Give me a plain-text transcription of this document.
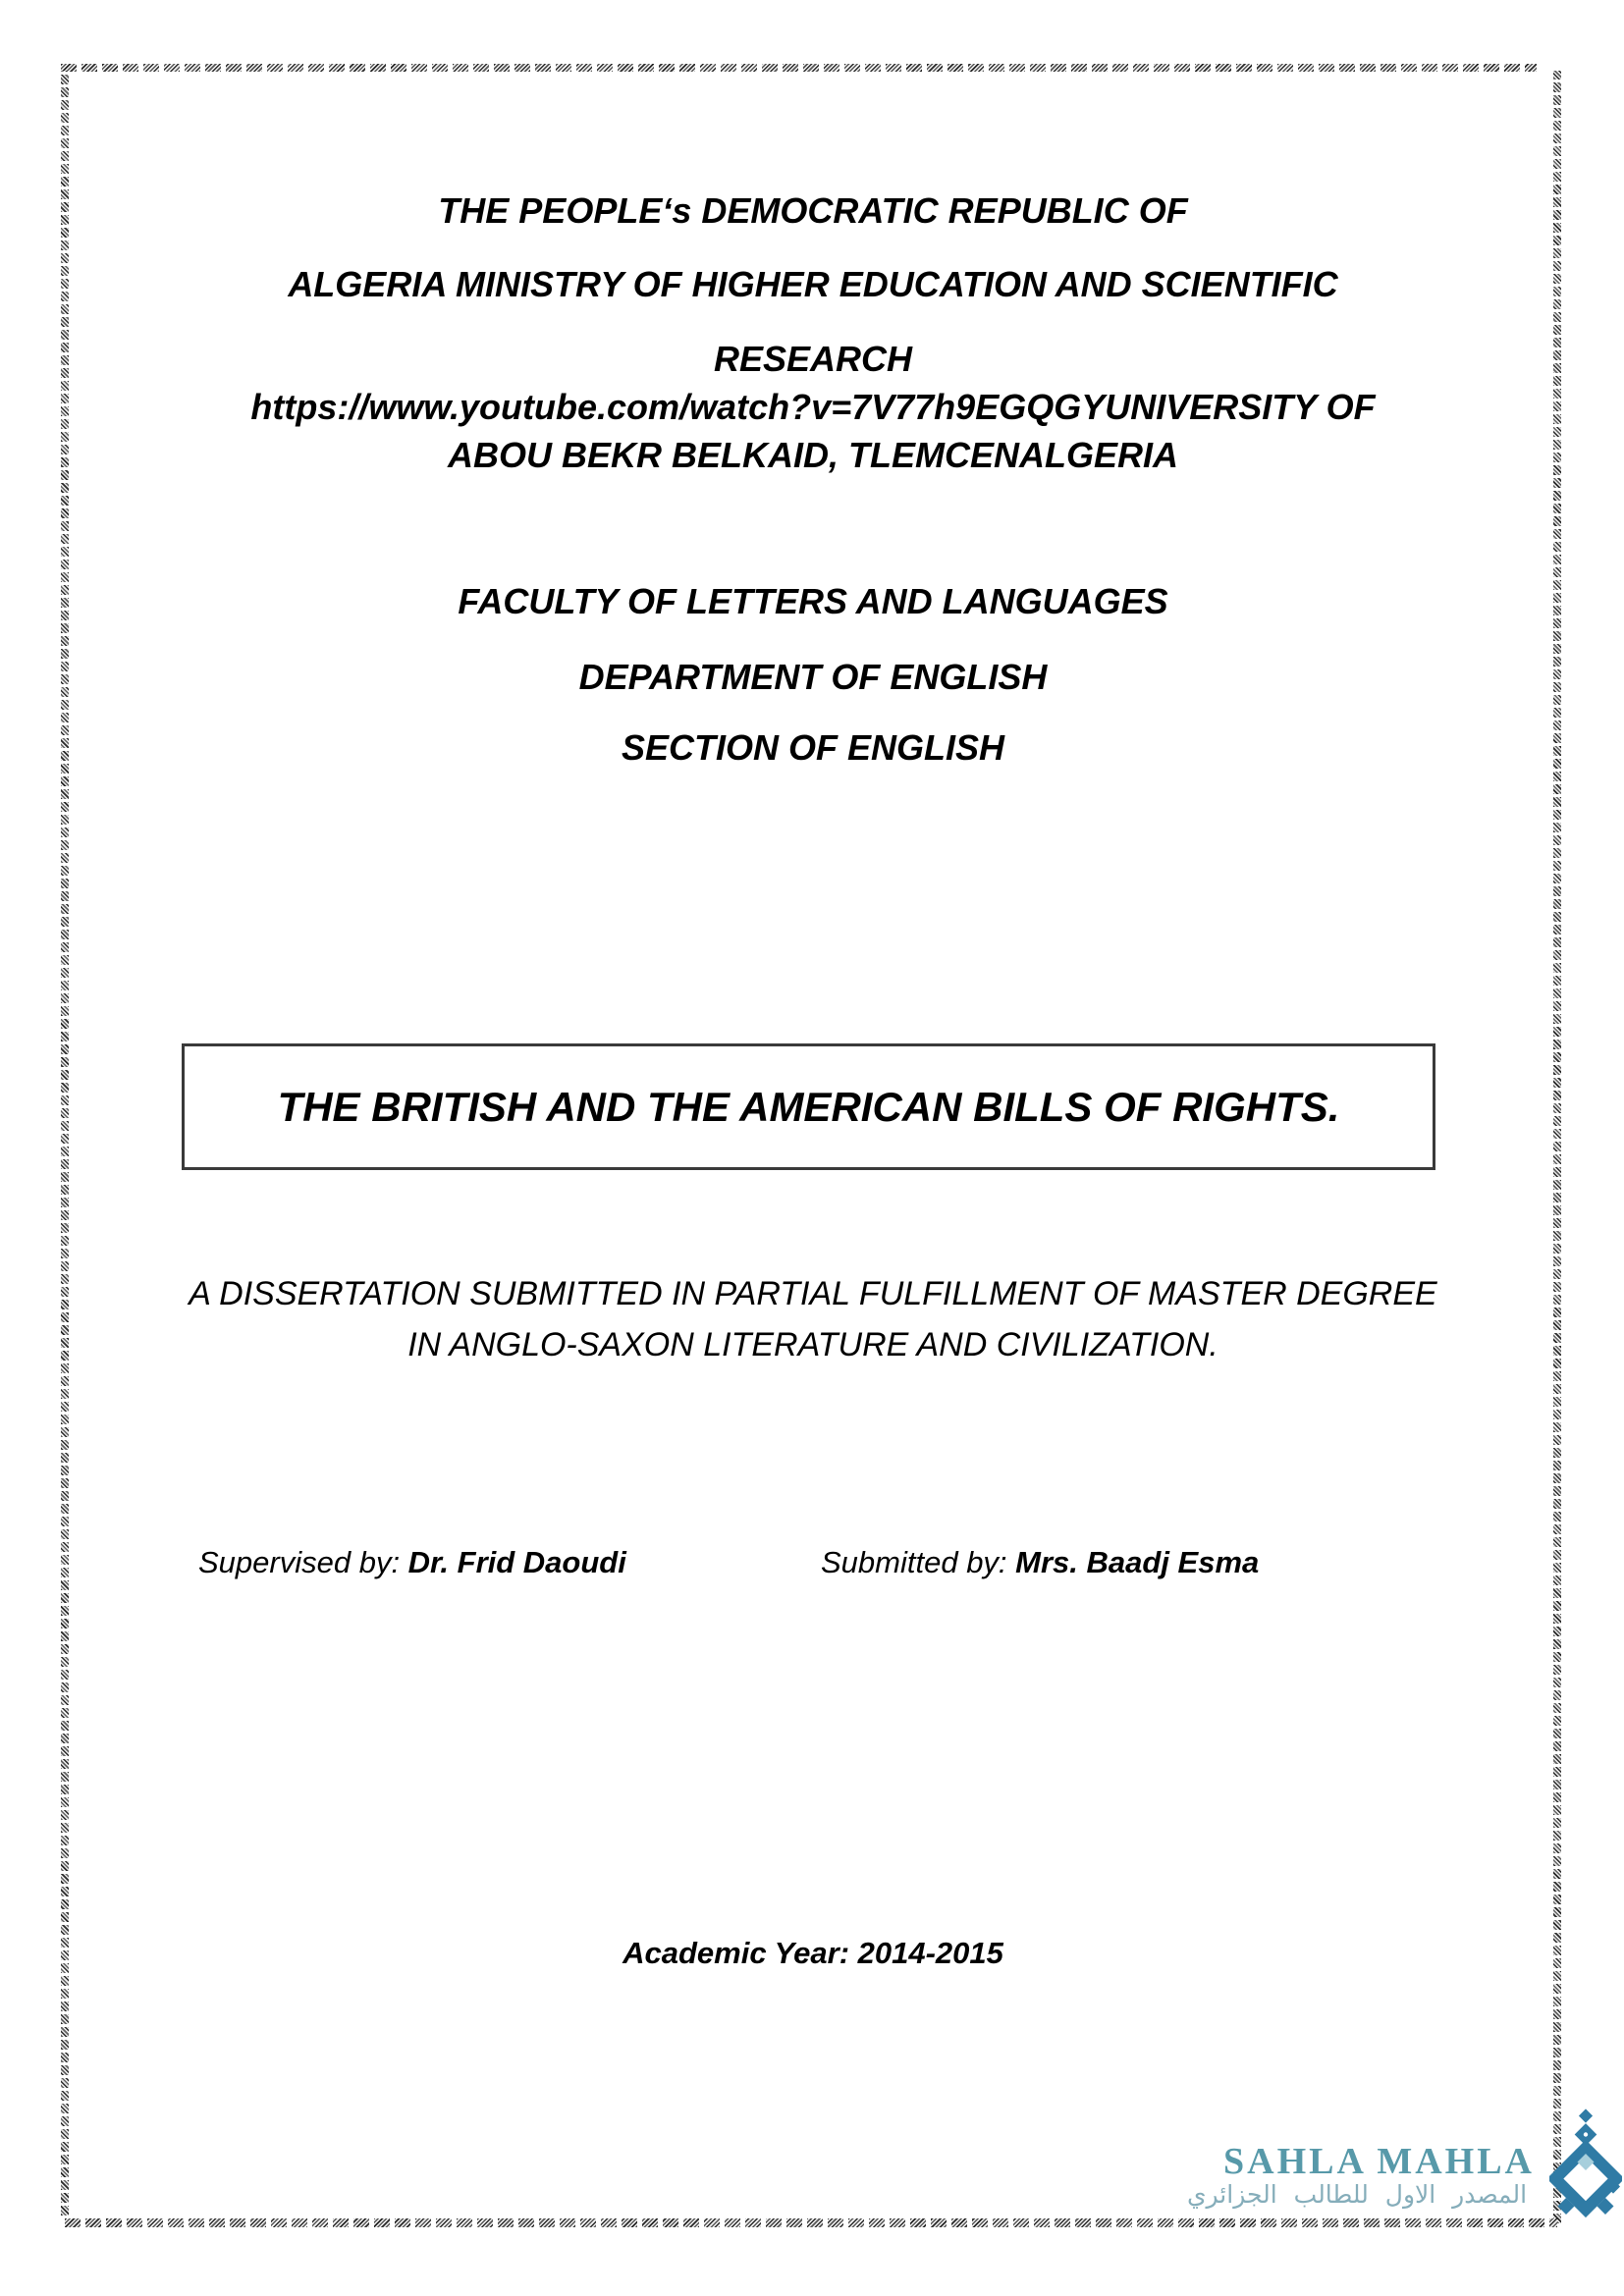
THE PEOPLE‘s DEMOCRATIC REPUBLIC OF
ALGERIA MINISTRY OF HIGHER EDUCATION AND SCIENTIFIC
RESEARCH
https://www.youtube.com/watch?v=7V77h9EGQGYUNIVERSITY OF
ABOU BEKR BELKAID, TLEMCENALGERIA
FACULTY OF LETTERS AND LANGUAGES
DEPARTMENT OF ENGLISH
SECTION OF ENGLISH
THE BRITISH AND THE AMERICAN BILLS OF RIGHTS.
A DISSERTATION SUBMITTED IN PARTIAL FULFILLMENT OF MASTER DEGREE
IN ANGLO-SAXON LITERATURE AND CIVILIZATION.
Supervised by: Dr. Frid Daoudi	Submitted by: Mrs. Baadj Esma
Academic Year: 2014-2015
SAHLA MAHLA
المصدر الاول للطالب الجزائري
